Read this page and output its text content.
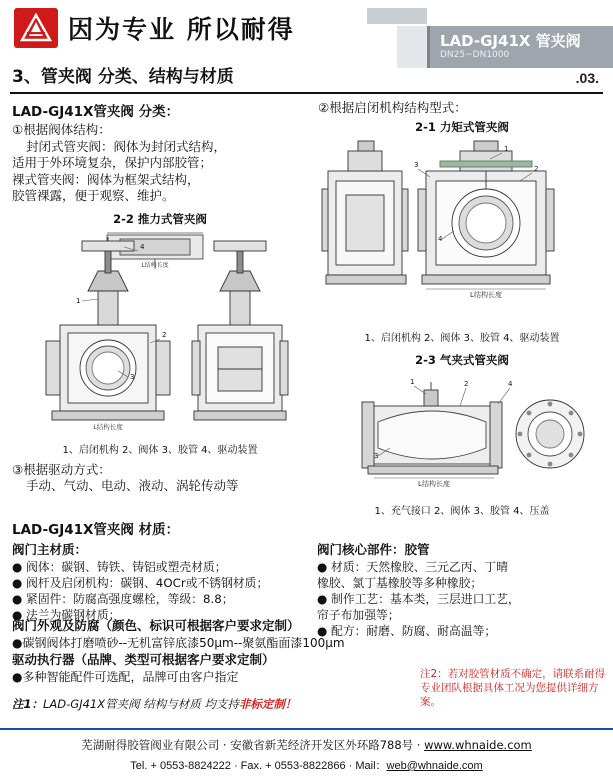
因为专业 所以耐得	LAD-GJ41X 管夹阀
DN25~DN1000
3、管夹阀 分类、结构与材质	.03.
LAD-GJ41X管夹阀 分类：
①根据阀体结构：
封闭式管夹阀：阀体为封闭式结构，
适用于外环境复杂，保护内部胶管；
裸式管夹阀：阀体为框架式结构，
胶管裸露，便于观察、维护。
2-2 推力式管夹阀
L结构长度
4
1
2
3
L结构长度
1、启闭机构 2、阀体 3、胶管 4、驱动装置
③根据驱动方式：
手动、气动、电动、液动、涡轮传动等
②根据启闭机构结构型式：
2-1 力矩式管夹阀
1
2
3
4
L结构长度
1、启闭机构 2、阀体 3、胶管 4、驱动装置
2-3 气夹式管夹阀
1	2	4
3
L结构长度
1、充气接口 2、阀体 3、胶管 4、压盖
LAD-GJ41X管夹阀 材质：
阀门主材质：
● 阀体：碳钢、铸铁、铸铝或塑壳材质；
● 阀杆及启闭机构：碳钢、4OCr或不锈钢材质；
● 紧固件：防腐高强度螺栓，等级：8.8；
● 法兰为碳钢材质；
阀门核心部件：胶管
● 材质：天然橡胶、三元乙丙、丁晴
橡胶、氯丁基橡胶等多种橡胶；
● 制作工艺：基本类，三层进口工艺，
帘子布加强等；
● 配方：耐磨、防腐、耐高温等；
阀门外观及防腐（颜色、标识可根据客户要求定制）
●碳钢阀体打磨喷砂--无机富锌底漆50μm--聚氨酯面漆100μm
驱动执行器（品牌、类型可根据客户要求定制）
●多种智能配件可选配，品牌可由客户指定
注1：LAD-GJ41X管夹阀 结构与材质 均支持非标定制！
注2：若对胶管材质不确定，请联系耐得专业团队根据具体工况为您提供详细方案。
芜湖耐得胶管阀业有限公司 · 安徽省新芜经济开发区外环路788号 · www.whnaide.com
Tel. + 0553-8824222 · Fax. + 0553-8822866 · Mail：web@whnaide.com
